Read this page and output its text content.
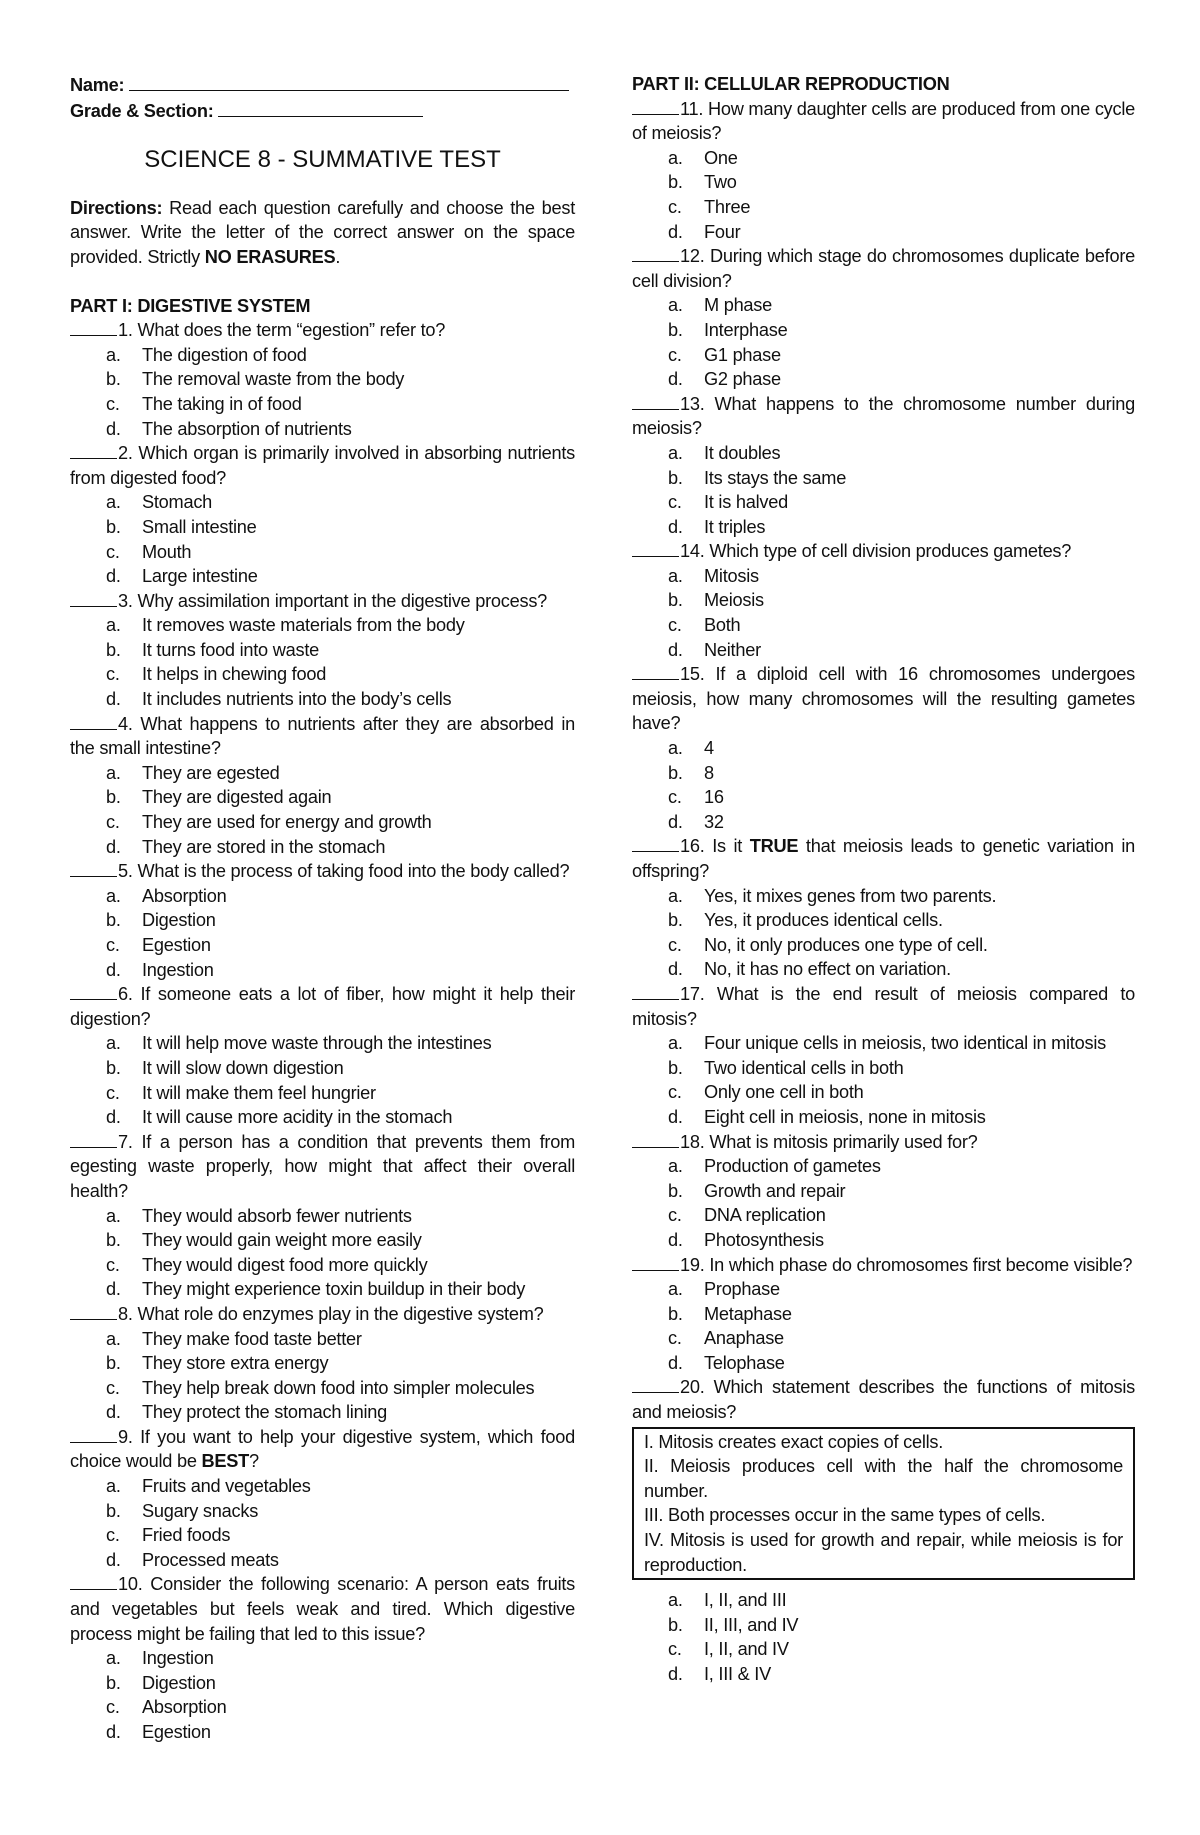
Name:
Grade & Section:
SCIENCE 8 - SUMMATIVE TEST
Directions: Read each question carefully and choose the best answer. Write the letter of the correct answer on the space provided. Strictly NO ERASURES.
PART I: DIGESTIVE SYSTEM
1. What does the term “egestion” refer to?
a. The digestion of food
b. The removal waste from the body
c. The taking in of food
d. The absorption of nutrients
2. Which organ is primarily involved in absorbing nutrients from digested food?
a. Stomach
b. Small intestine
c. Mouth
d. Large intestine
3. Why assimilation important in the digestive process?
a. It removes waste materials from the body
b. It turns food into waste
c. It helps in chewing food
d. It includes nutrients into the body’s cells
4. What happens to nutrients after they are absorbed in the small intestine?
a. They are egested
b. They are digested again
c. They are used for energy and growth
d. They are stored in the stomach
5. What is the process of taking food into the body called?
a. Absorption
b. Digestion
c. Egestion
d. Ingestion
6. If someone eats a lot of fiber, how might it help their digestion?
a. It will help move waste through the intestines
b. It will slow down digestion
c. It will make them feel hungrier
d. It will cause more acidity in the stomach
7. If a person has a condition that prevents them from egesting waste properly, how might that affect their overall health?
a. They would absorb fewer nutrients
b. They would gain weight more easily
c. They would digest food more quickly
d. They might experience toxin buildup in their body
8. What role do enzymes play in the digestive system?
a. They make food taste better
b. They store extra energy
c. They help break down food into simpler molecules
d. They protect the stomach lining
9. If you want to help your digestive system, which food choice would be BEST?
a. Fruits and vegetables
b. Sugary snacks
c. Fried foods
d. Processed meats
10. Consider the following scenario: A person eats fruits and vegetables but feels weak and tired. Which digestive process might be failing that led to this issue?
a. Ingestion
b. Digestion
c. Absorption
d. Egestion
PART II: CELLULAR REPRODUCTION
11. How many daughter cells are produced from one cycle of meiosis?
a. One
b. Two
c. Three
d. Four
12. During which stage do chromosomes duplicate before cell division?
a. M phase
b. Interphase
c. G1 phase
d. G2 phase
13. What happens to the chromosome number during meiosis?
a. It doubles
b. Its stays the same
c. It is halved
d. It triples
14. Which type of cell division produces gametes?
a. Mitosis
b. Meiosis
c. Both
d. Neither
15. If a diploid cell with 16 chromosomes undergoes meiosis, how many chromosomes will the resulting gametes have?
a. 4
b. 8
c. 16
d. 32
16. Is it TRUE that meiosis leads to genetic variation in offspring?
a. Yes, it mixes genes from two parents.
b. Yes, it produces identical cells.
c. No, it only produces one type of cell.
d. No, it has no effect on variation.
17. What is the end result of meiosis compared to mitosis?
a. Four unique cells in meiosis, two identical in mitosis
b. Two identical cells in both
c. Only one cell in both
d. Eight cell in meiosis, none in mitosis
18. What is mitosis primarily used for?
a. Production of gametes
b. Growth and repair
c. DNA replication
d. Photosynthesis
19. In which phase do chromosomes first become visible?
a. Prophase
b. Metaphase
c. Anaphase
d. Telophase
20. Which statement describes the functions of mitosis and meiosis?
I. Mitosis creates exact copies of cells.
II. Meiosis produces cell with the half the chromosome number.
III. Both processes occur in the same types of cells.
IV. Mitosis is used for growth and repair, while meiosis is for reproduction.
a. I, II, and III
b. II, III, and IV
c. I, II, and IV
d. I, III & IV
